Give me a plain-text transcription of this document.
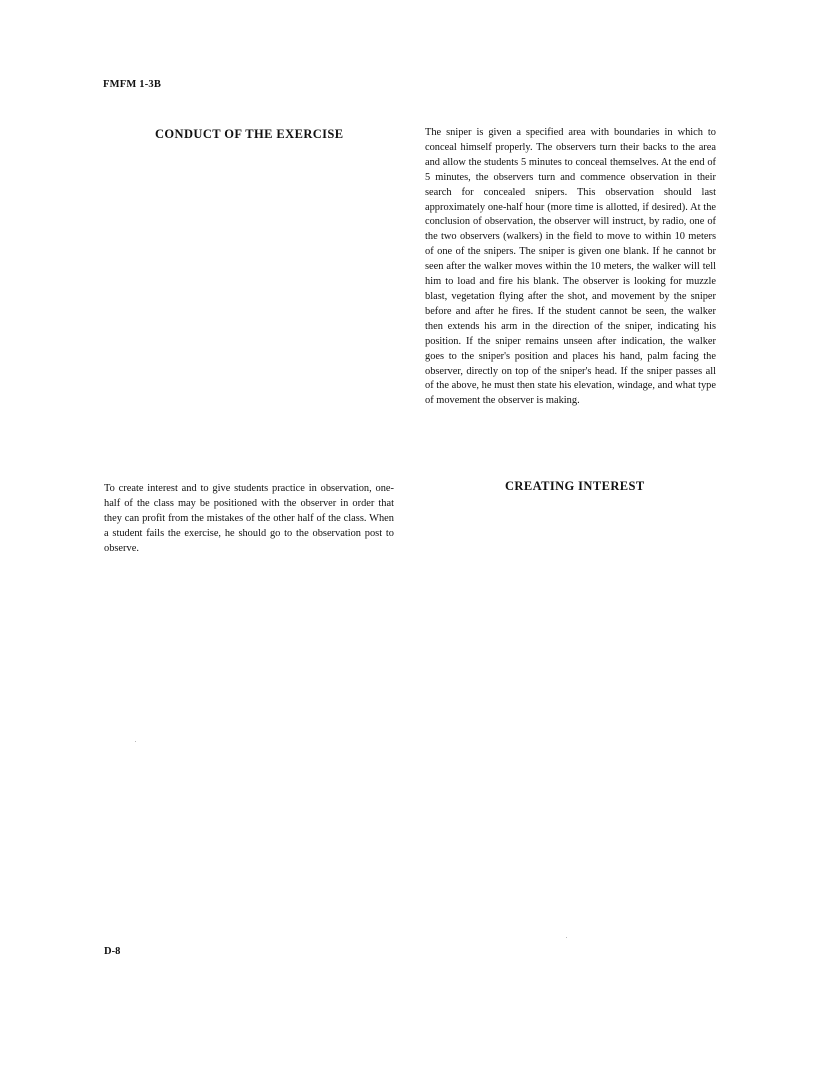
FMFM 1-3B
CONDUCT OF THE EXERCISE	The sniper is given a specified area with boundaries in which to conceal himself properly. The observers turn their backs to the area and allow the students 5 minutes to conceal themselves. At the end of 5 minutes, the observers turn and commence observation in their search for concealed snipers. This observation should last approximately one-half hour (more time is allotted, if desired). At the conclusion of observation, the observer will instruct, by radio, one of the two observers (walkers) in the field to move to within 10 meters of one of the snipers. The sniper is given one blank. If he cannot br seen after the walker moves within the 10 meters, the walker will tell him to load and fire his blank. The observer is looking for muzzle blast, vegetation flying after the shot, and movement by the sniper before and after he fires. If the student cannot be seen, the walker then extends his arm in the direction of the sniper, indicating his position. If the sniper remains unseen after indication, the walker goes to the sniper's position and places his hand, palm facing the observer, directly on top of the sniper's head. If the sniper passes all of the above, he must then state his elevation, windage, and what type of movement the observer is making.
To create interest and to give students practice in observation, one-half of the class may be positioned with the observer in order that they can profit from the mistakes of the other half of the class. When a student fails the exercise, he should go to the observation post to observe.
CREATING INTEREST
D-8
